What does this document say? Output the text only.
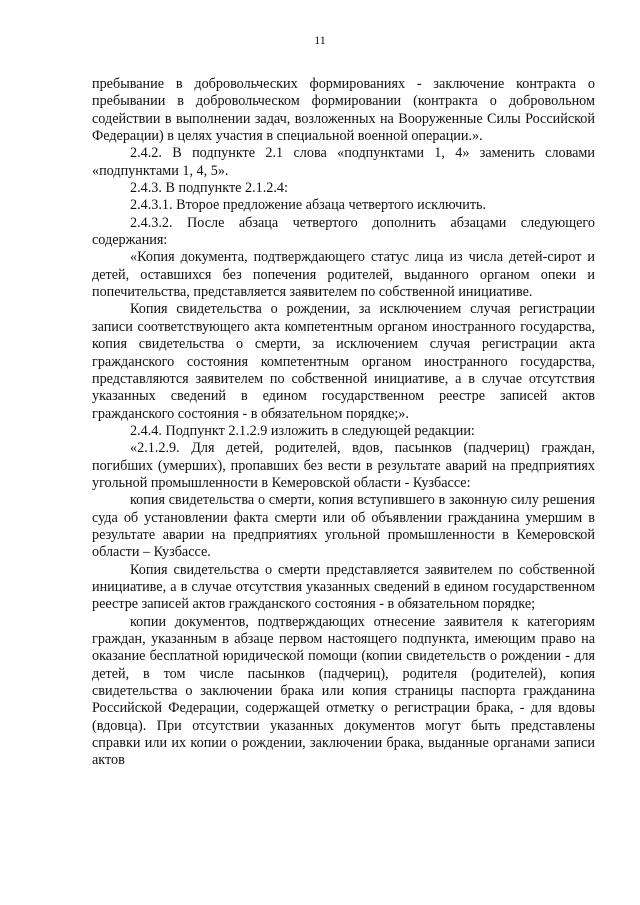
11

пребывание в добровольческих формированиях - заключение контракта о пребывании в добровольческом формировании (контракта о добровольном содействии в выполнении задач, возложенных на Вооруженные Силы Российской Федерации) в целях участия в специальной военной операции.».

2.4.2. В подпункте 2.1 слова «подпунктами 1, 4» заменить словами «подпунктами 1, 4, 5».

2.4.3. В подпункте 2.1.2.4:

2.4.3.1. Второе предложение абзаца четвертого исключить.

2.4.3.2. После абзаца четвертого дополнить абзацами следующего содержания:

«Копия документа, подтверждающего статус лица из числа детей-сирот и детей, оставшихся без попечения родителей, выданного органом опеки и попечительства, представляется заявителем по собственной инициативе.

Копия свидетельства о рождении, за исключением случая регистрации записи соответствующего акта компетентным органом иностранного государства, копия свидетельства о смерти, за исключением случая регистрации акта гражданского состояния компетентным органом иностранного государства, представляются заявителем по собственной инициативе, а в случае отсутствия указанных сведений в едином государственном реестре записей актов гражданского состояния - в обязательном порядке;».

2.4.4. Подпункт 2.1.2.9 изложить в следующей редакции:

«2.1.2.9. Для детей, родителей, вдов, пасынков (падчериц) граждан, погибших (умерших), пропавших без вести в результате аварий на предприятиях угольной промышленности в Кемеровской области - Кузбассе:

копия свидетельства о смерти, копия вступившего в законную силу решения суда об установлении факта смерти или об объявлении гражданина умершим в результате аварии на предприятиях угольной промышленности в Кемеровской области – Кузбассе.

Копия свидетельства о смерти представляется заявителем по собственной инициативе, а в случае отсутствия указанных сведений в едином государственном реестре записей актов гражданского состояния - в обязательном порядке;

копии документов, подтверждающих отнесение заявителя к категориям граждан, указанным в абзаце первом настоящего подпункта, имеющим право на оказание бесплатной юридической помощи (копии свидетельств о рождении - для детей, в том числе пасынков (падчериц), родителя (родителей), копия свидетельства о заключении брака или копия страницы паспорта гражданина Российской Федерации, содержащей отметку о регистрации брака, - для вдовы (вдовца). При отсутствии указанных документов могут быть представлены справки или их копии о рождении, заключении брака, выданные органами записи актов
